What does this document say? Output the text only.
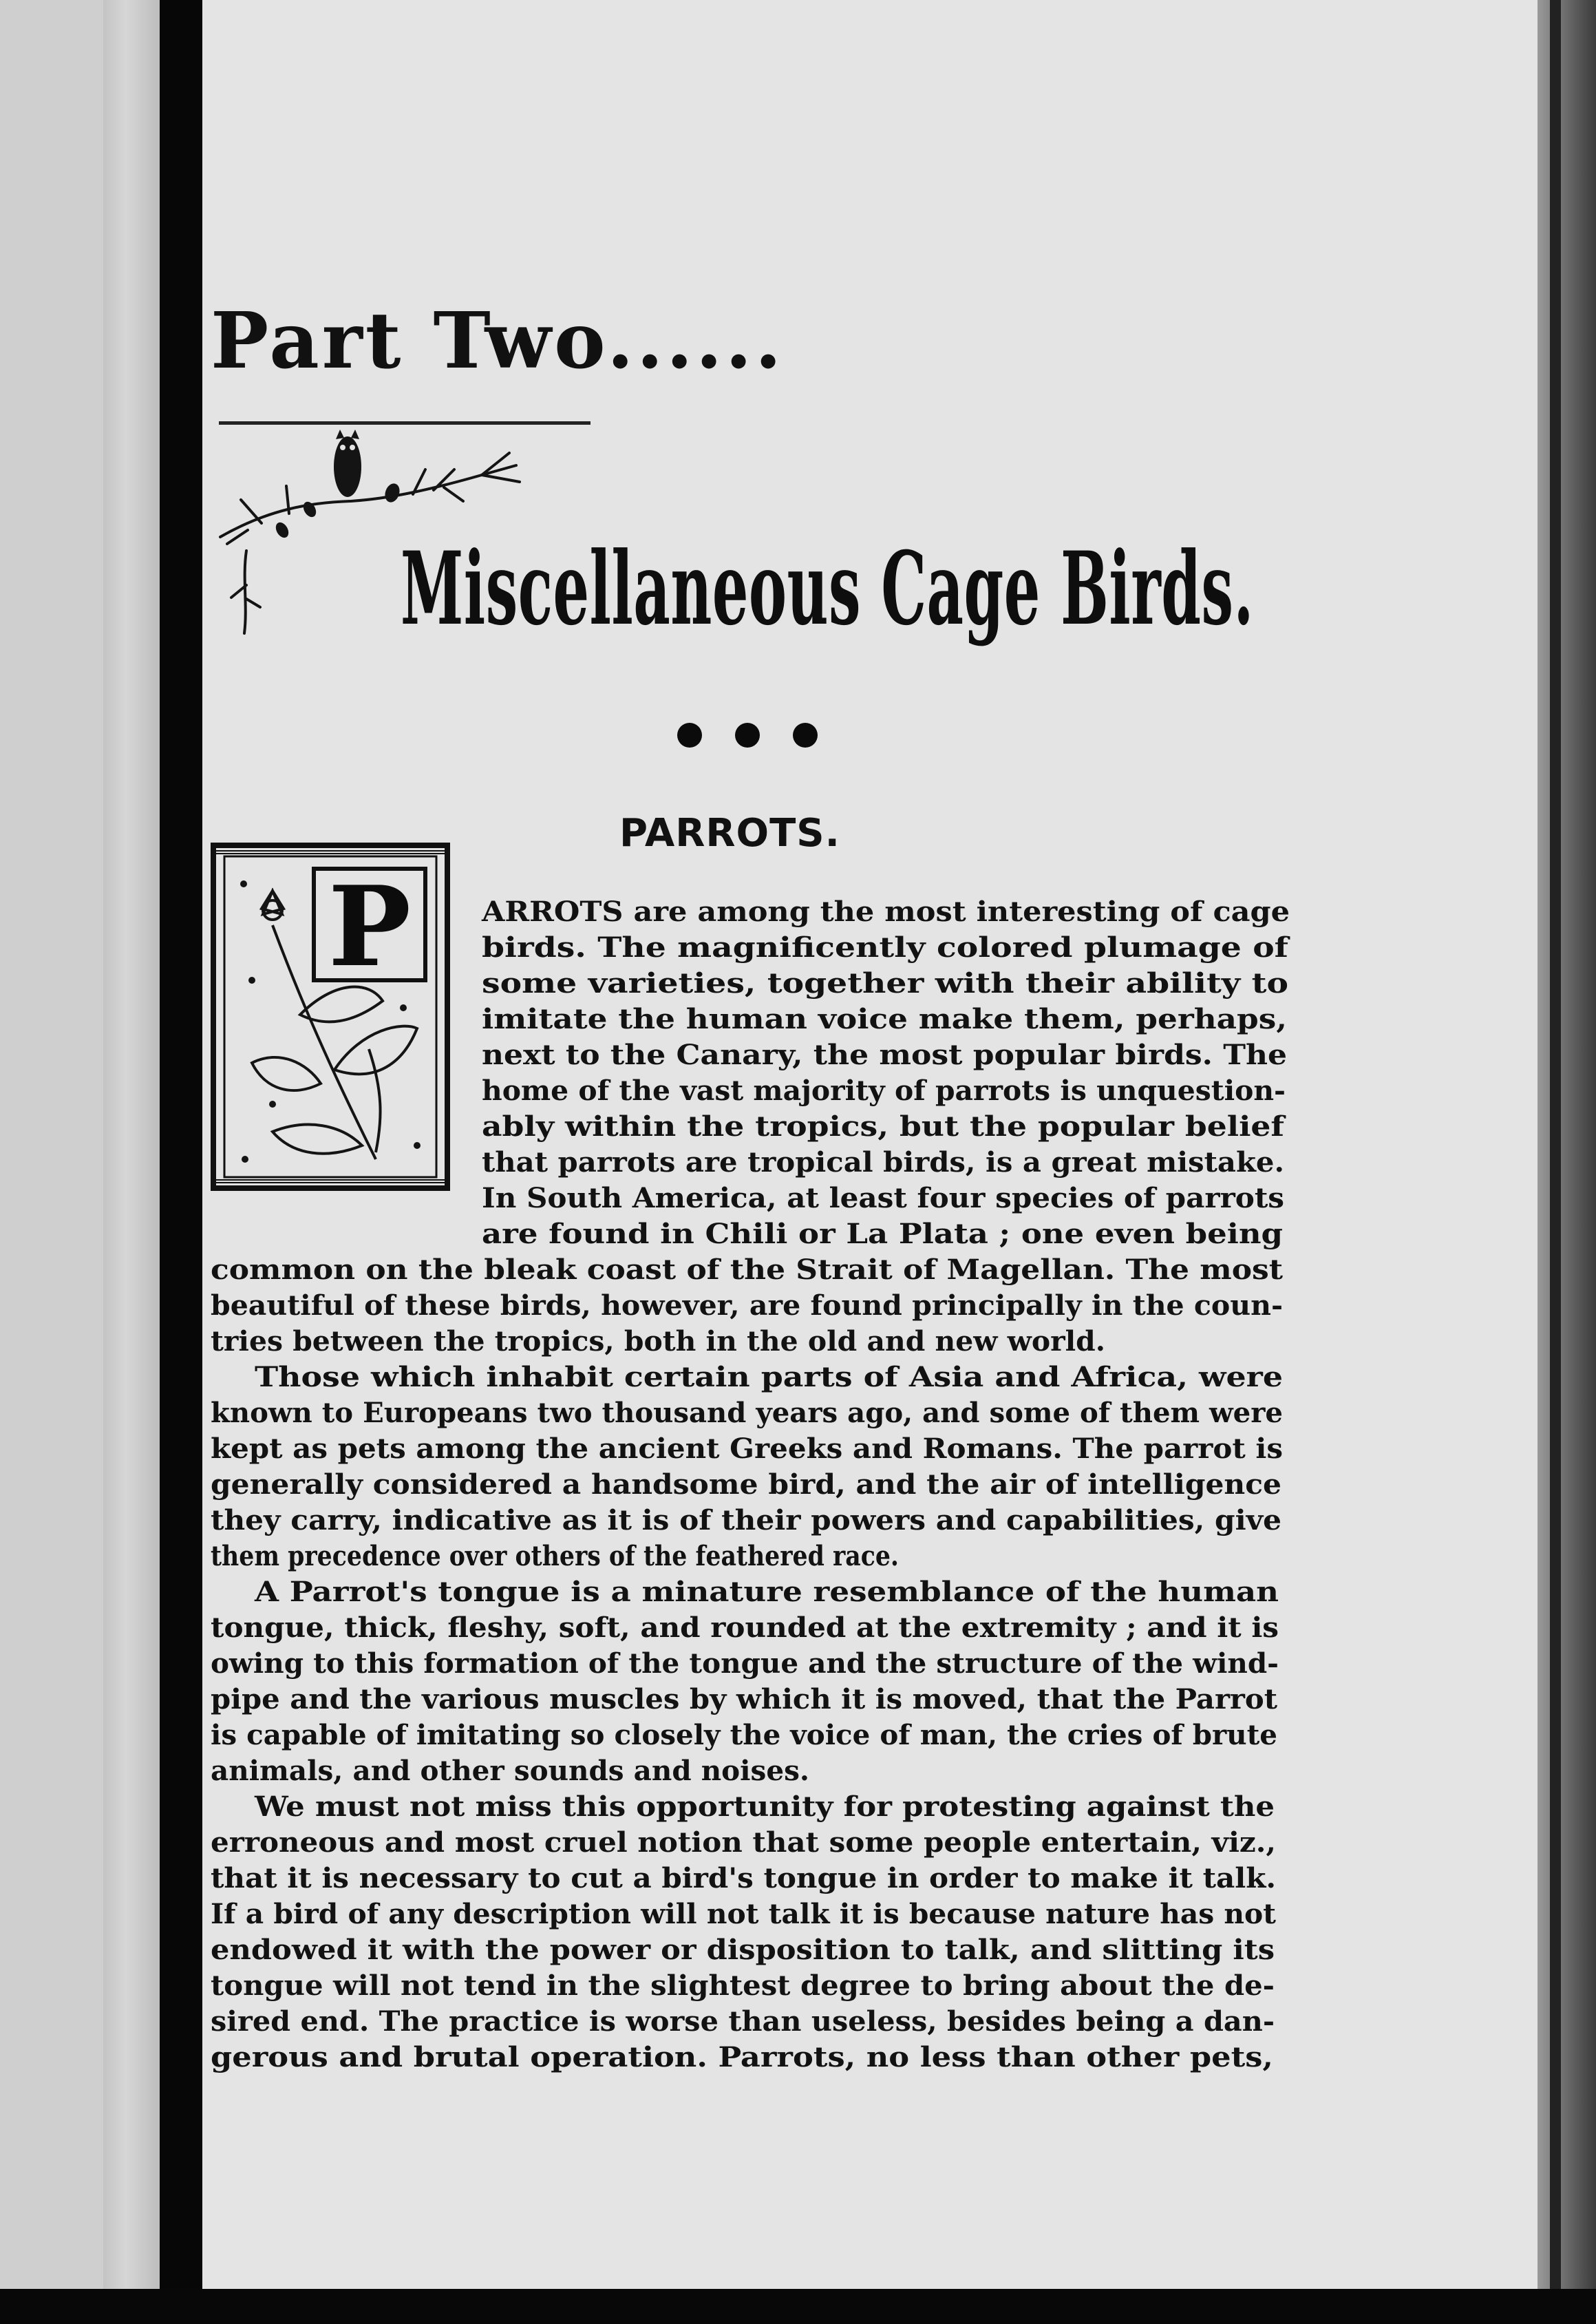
Part Two......
Miscellaneous Cage Birds.
PARROTS.
P	ARROTS are among the most interesting of cage
birds. The magnificently colored plumage of
some varieties, together with their ability to
imitate the human voice make them, perhaps,
next to the Canary, the most popular birds. The
home of the vast majority of parrots is unquestion-
ably within the tropics, but the popular belief
that parrots are tropical birds, is a great mistake.
In South America, at least four species of parrots
are found in Chili or La Plata ; one even being
common on the bleak coast of the Strait of Magellan. The most
beautiful of these birds, however, are found principally in the coun-
tries between the tropics, both in the old and new world.
Those which inhabit certain parts of Asia and Africa, were
known to Europeans two thousand years ago, and some of them were
kept as pets among the ancient Greeks and Romans. The parrot is
generally considered a handsome bird, and the air of intelligence
they carry, indicative as it is of their powers and capabilities, give
them precedence over others of the feathered race.
A Parrot's tongue is a minature resemblance of the human
tongue, thick, fleshy, soft, and rounded at the extremity ; and it is
owing to this formation of the tongue and the structure of the wind-
pipe and the various muscles by which it is moved, that the Parrot
is capable of imitating so closely the voice of man, the cries of brute
animals, and other sounds and noises.
We must not miss this opportunity for protesting against the
erroneous and most cruel notion that some people entertain, viz.,
that it is necessary to cut a bird's tongue in order to make it talk.
If a bird of any description will not talk it is because nature has not
endowed it with the power or disposition to talk, and slitting its
tongue will not tend in the slightest degree to bring about the de-
sired end. The practice is worse than useless, besides being a dan-
gerous and brutal operation. Parrots, no less than other pets,
